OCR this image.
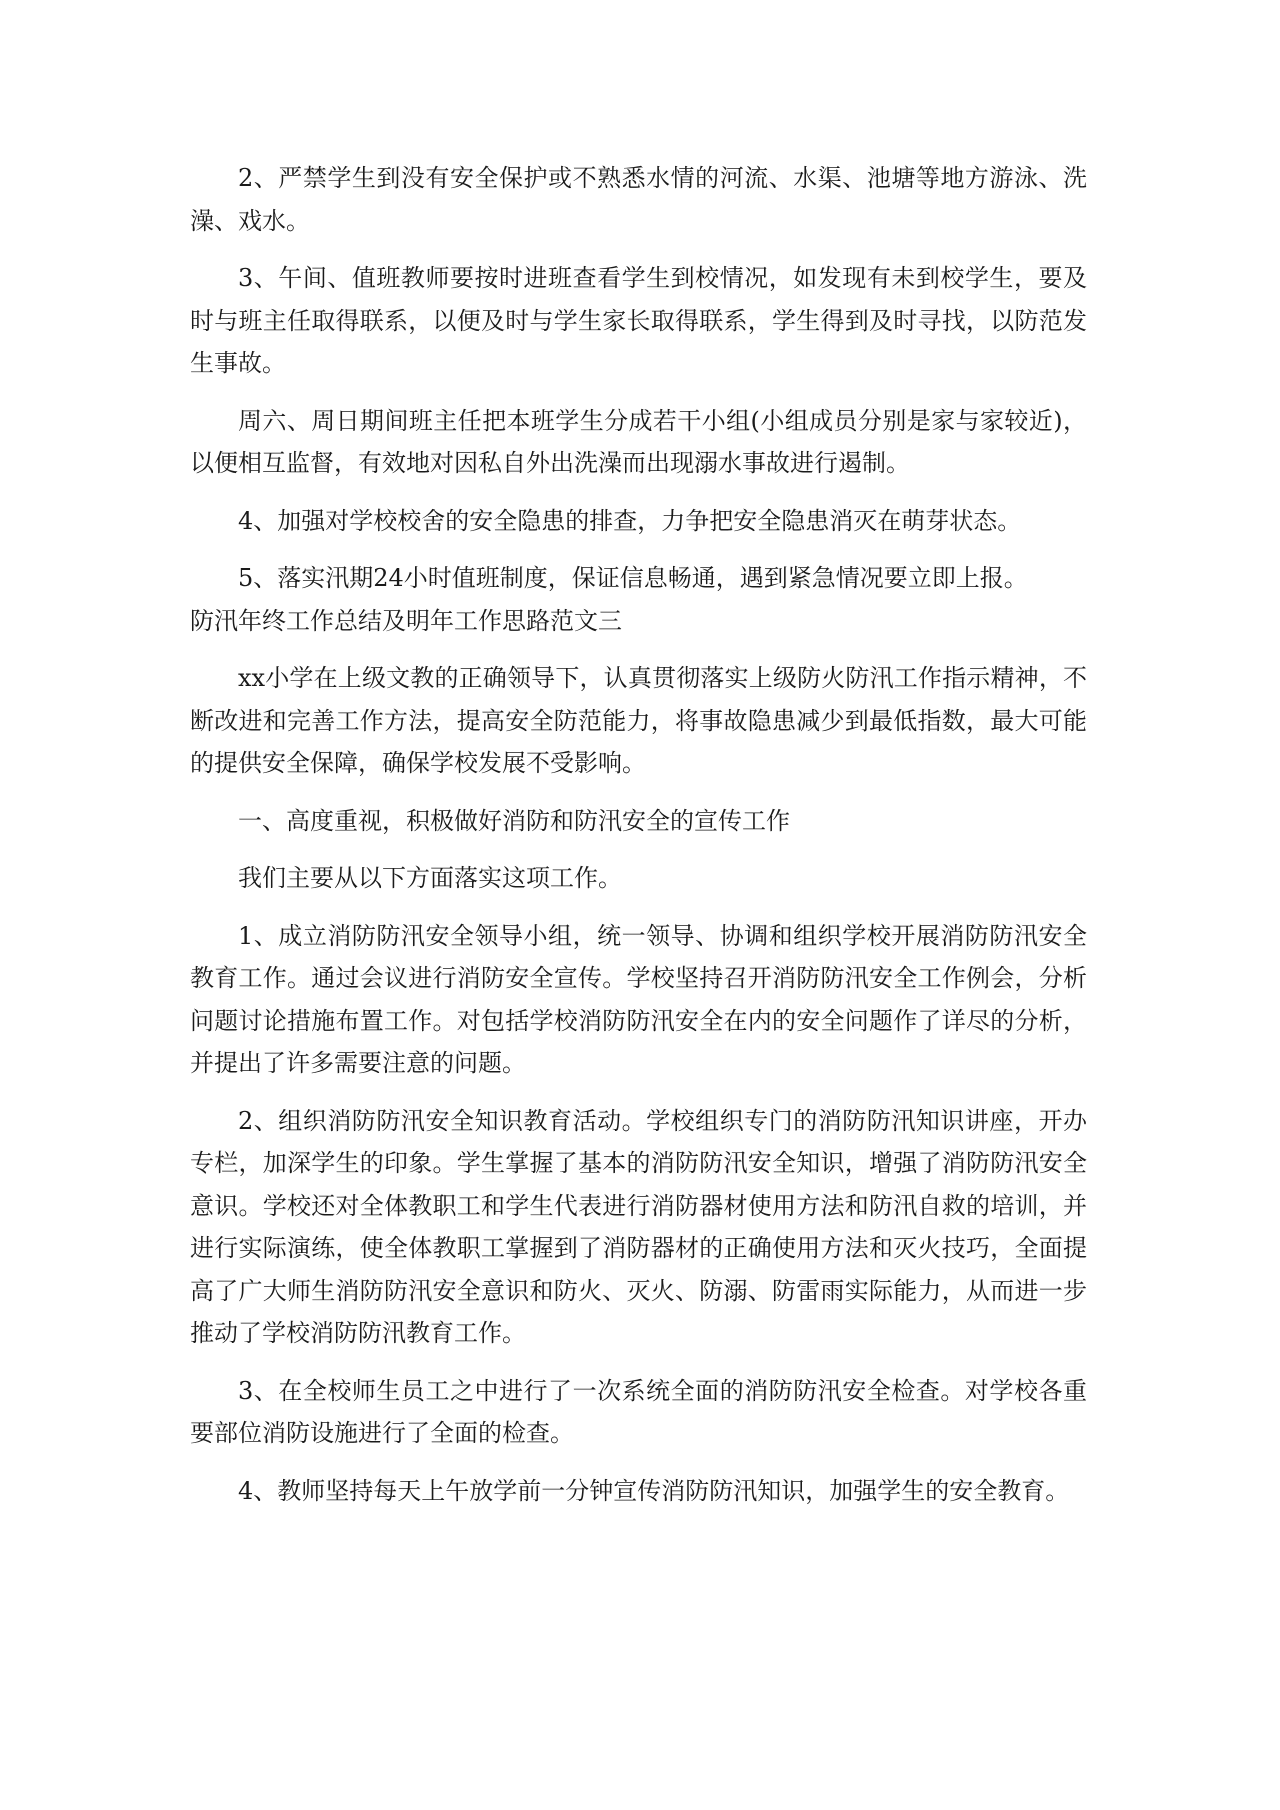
2、严禁学生到没有安全保护或不熟悉水情的河流、水渠、池塘等地方游泳、洗澡、戏水。

3、午间、值班教师要按时进班查看学生到校情况，如发现有未到校学生，要及时与班主任取得联系，以便及时与学生家长取得联系，学生得到及时寻找，以防范发生事故。

周六、周日期间班主任把本班学生分成若干小组(小组成员分别是家与家较近)，以便相互监督，有效地对因私自外出洗澡而出现溺水事故进行遏制。

4、加强对学校校舍的安全隐患的排查，力争把安全隐患消灭在萌芽状态。

5、落实汛期24小时值班制度，保证信息畅通，遇到紧急情况要立即上报。

防汛年终工作总结及明年工作思路范文三

xx小学在上级文教的正确领导下，认真贯彻落实上级防火防汛工作指示精神，不断改进和完善工作方法，提高安全防范能力，将事故隐患减少到最低指数，最大可能的提供安全保障，确保学校发展不受影响。

一、高度重视，积极做好消防和防汛安全的宣传工作

我们主要从以下方面落实这项工作。

1、成立消防防汛安全领导小组，统一领导、协调和组织学校开展消防防汛安全教育工作。通过会议进行消防安全宣传。学校坚持召开消防防汛安全工作例会，分析问题讨论措施布置工作。对包括学校消防防汛安全在内的安全问题作了详尽的分析，并提出了许多需要注意的问题。

2、组织消防防汛安全知识教育活动。学校组织专门的消防防汛知识讲座，开办专栏，加深学生的印象。学生掌握了基本的消防防汛安全知识，增强了消防防汛安全意识。学校还对全体教职工和学生代表进行消防器材使用方法和防汛自救的培训，并进行实际演练，使全体教职工掌握到了消防器材的正确使用方法和灭火技巧，全面提高了广大师生消防防汛安全意识和防火、灭火、防溺、防雷雨实际能力，从而进一步推动了学校消防防汛教育工作。

3、在全校师生员工之中进行了一次系统全面的消防防汛安全检查。对学校各重要部位消防设施进行了全面的检查。

4、教师坚持每天上午放学前一分钟宣传消防防汛知识，加强学生的安全教育。
